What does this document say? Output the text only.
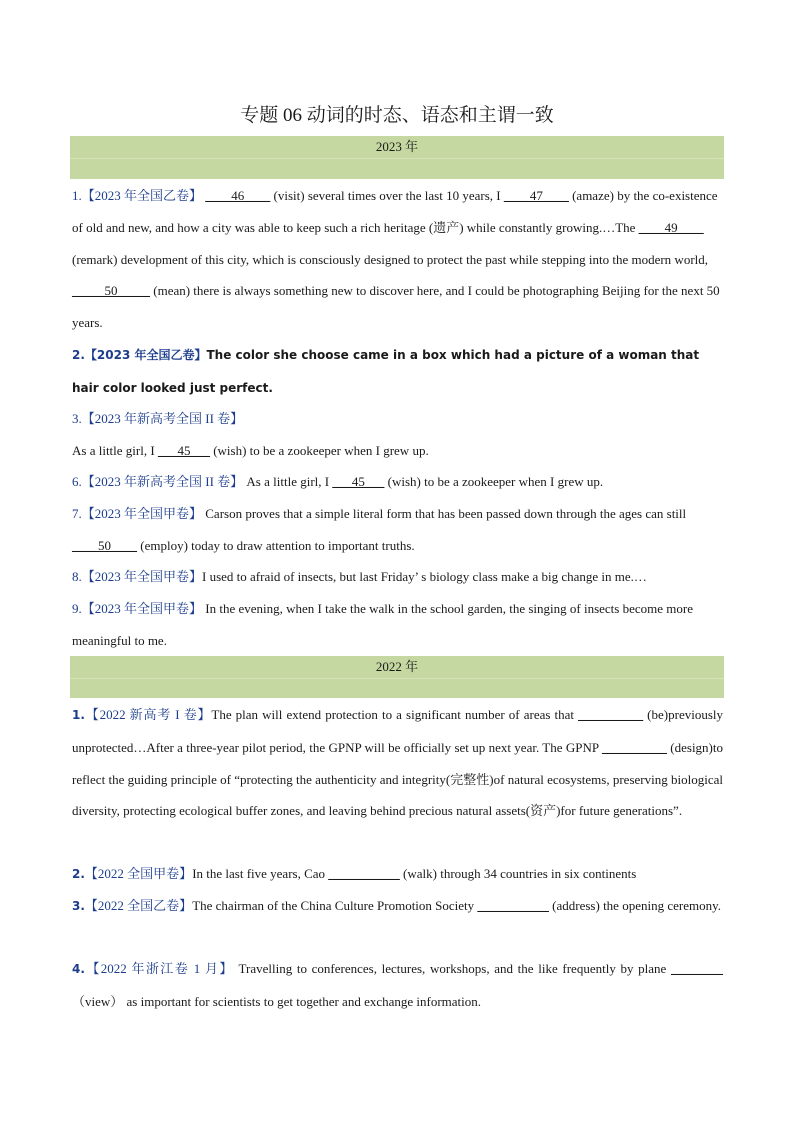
专题 06 动词的时态、语态和主谓一致
2023 年

1.【2023 年全国乙卷】 ____46____ (visit) several times over the last 10 years, I ____47____ (amaze) by the co-existence of old and new, and how a city was able to keep such a rich heritage (遗产) while constantly growing.…The ____49____ (remark) development of this city, which is consciously designed to protect the past while stepping into the modern world, _____50_____ (mean) there is always something new to discover here, and I could be photographing Beijing for the next 50 years.

2.【2023 年全国乙卷】The color she choose came in a box which had a picture of a woman that hair color looked just perfect.

3.【2023 年新高考全国 II 卷】
As a little girl, I ___45___ (wish) to be a zookeeper when I grew up.

6.【2023 年新高考全国 II 卷】 As a little girl, I ___45___ (wish) to be a zookeeper when I grew up.

7.【2023 年全国甲卷】 Carson proves that a simple literal form that has been passed down through the ages can still ____50____ (employ) today to draw attention to important truths.

8.【2023 年全国甲卷】I used to afraid of insects, but last Friday’ s biology class make a big change in me.…

9.【2023 年全国甲卷】 In the evening, when I take the walk in the school garden, the singing of insects become more meaningful to me.

2022 年

1.【2022 新高考 I 卷】The plan will extend protection to a significant number of areas that __________ (be)previously unprotected…After a three-year pilot period, the GPNP will be officially set up next year. The GPNP __________ (design)to reflect the guiding principle of “protecting the authenticity and integrity(完整性)of natural ecosystems, preserving biological diversity, protecting ecological buffer zones, and leaving behind precious natural assets(资产)for future generations”.

2.【2022 全国甲卷】In the last five years, Cao ___________ (walk) through 34 countries in six continents

3.【2022 全国乙卷】The chairman of the China Culture Promotion Society ___________ (address) the opening ceremony.

4.【2022 年浙江卷 1 月】 Travelling to conferences, lectures, workshops, and the like frequently by plane ________（view） as important for scientists to get together and exchange information.
